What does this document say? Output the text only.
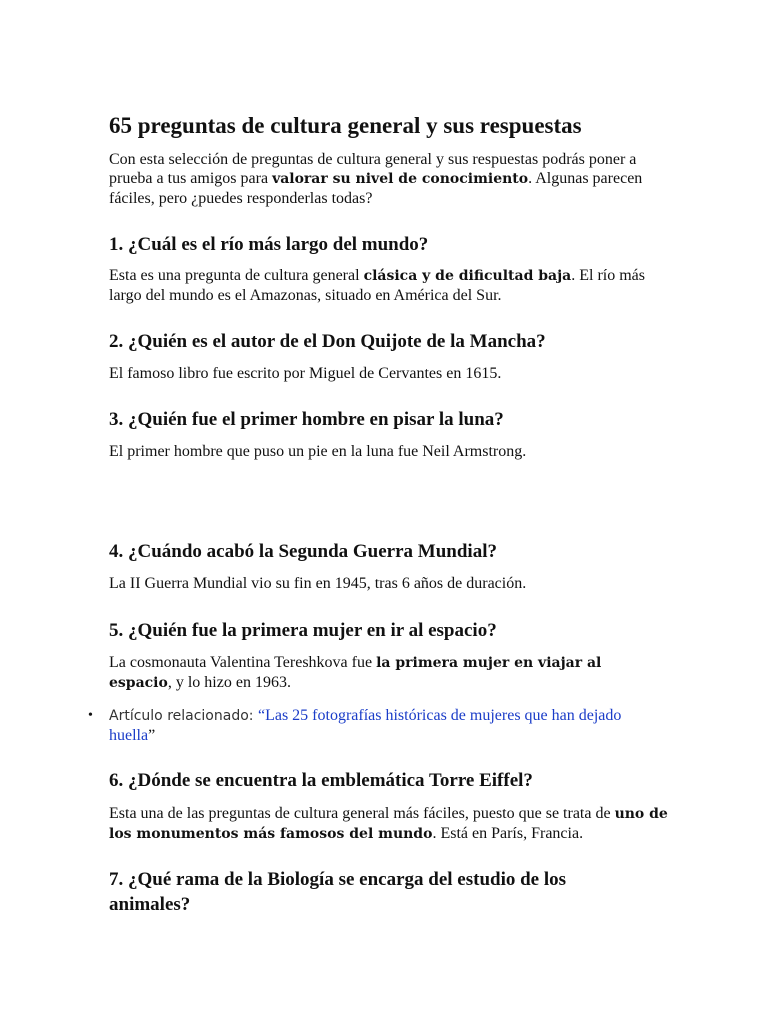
65 preguntas de cultura general y sus respuestas

Con esta selección de preguntas de cultura general y sus respuestas podrás poner a prueba a tus amigos para valorar su nivel de conocimiento. Algunas parecen fáciles, pero ¿puedes responderlas todas?

1. ¿Cuál es el río más largo del mundo?

Esta es una pregunta de cultura general clásica y de dificultad baja. El río más largo del mundo es el Amazonas, situado en América del Sur.

2. ¿Quién es el autor de el Don Quijote de la Mancha?

El famoso libro fue escrito por Miguel de Cervantes en 1615.

3. ¿Quién fue el primer hombre en pisar la luna?

El primer hombre que puso un pie en la luna fue Neil Armstrong.

4. ¿Cuándo acabó la Segunda Guerra Mundial?

La II Guerra Mundial vio su fin en 1945, tras 6 años de duración.

5. ¿Quién fue la primera mujer en ir al espacio?

La cosmonauta Valentina Tereshkova fue la primera mujer en viajar al espacio, y lo hizo en 1963.

• Artículo relacionado: “Las 25 fotografías históricas de mujeres que han dejado huella”
6. ¿Dónde se encuentra la emblemática Torre Eiffel?

Esta una de las preguntas de cultura general más fáciles, puesto que se trata de uno de los monumentos más famosos del mundo. Está en París, Francia.

7. ¿Qué rama de la Biología se encarga del estudio de los animales?
